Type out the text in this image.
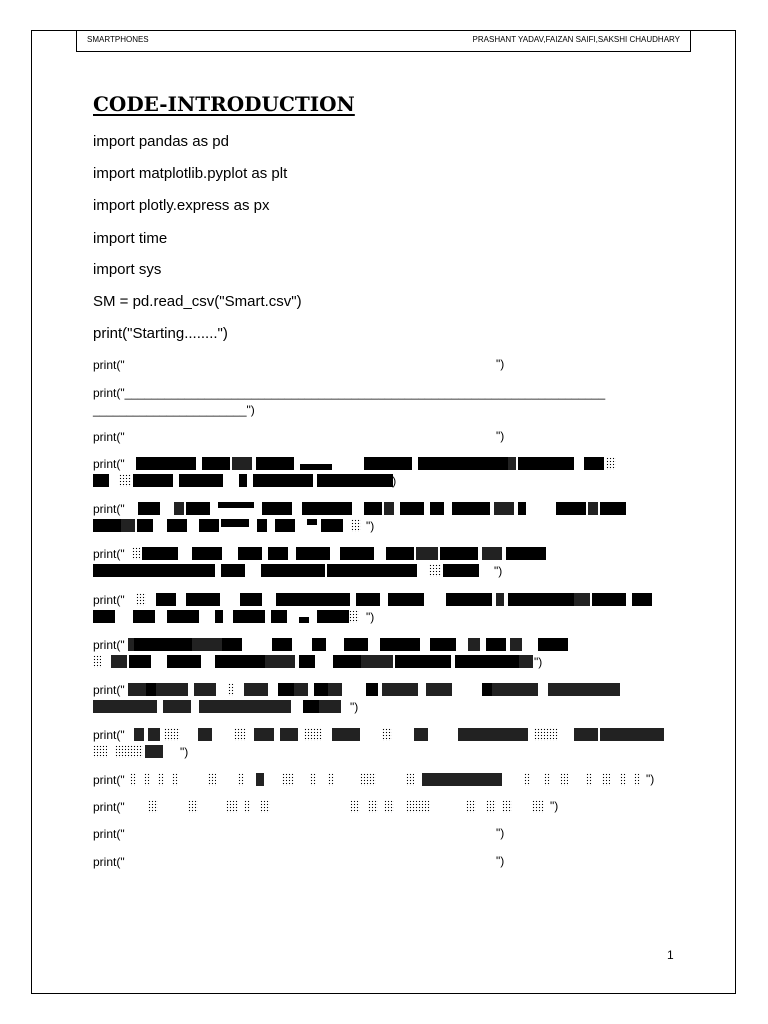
SMARTPHONES	PRASHANT YADAV,FAIZAN SAIFI,SAKSHI CHAUDHARY
CODE-INTRODUCTION
import pandas as pd
import matplotlib.pyplot as plt
import plotly.express as px
import time
import sys
SM = pd.read_csv("Smart.csv")
print("Starting........")
print("	")
print("________________________________________________________________________
_______________________")
print("	")
print("
")
print("
")
print("
")
print("
")
print("
")
print("
")
print("
")
print("	")
print("	")
print("	")
print("	")
1
